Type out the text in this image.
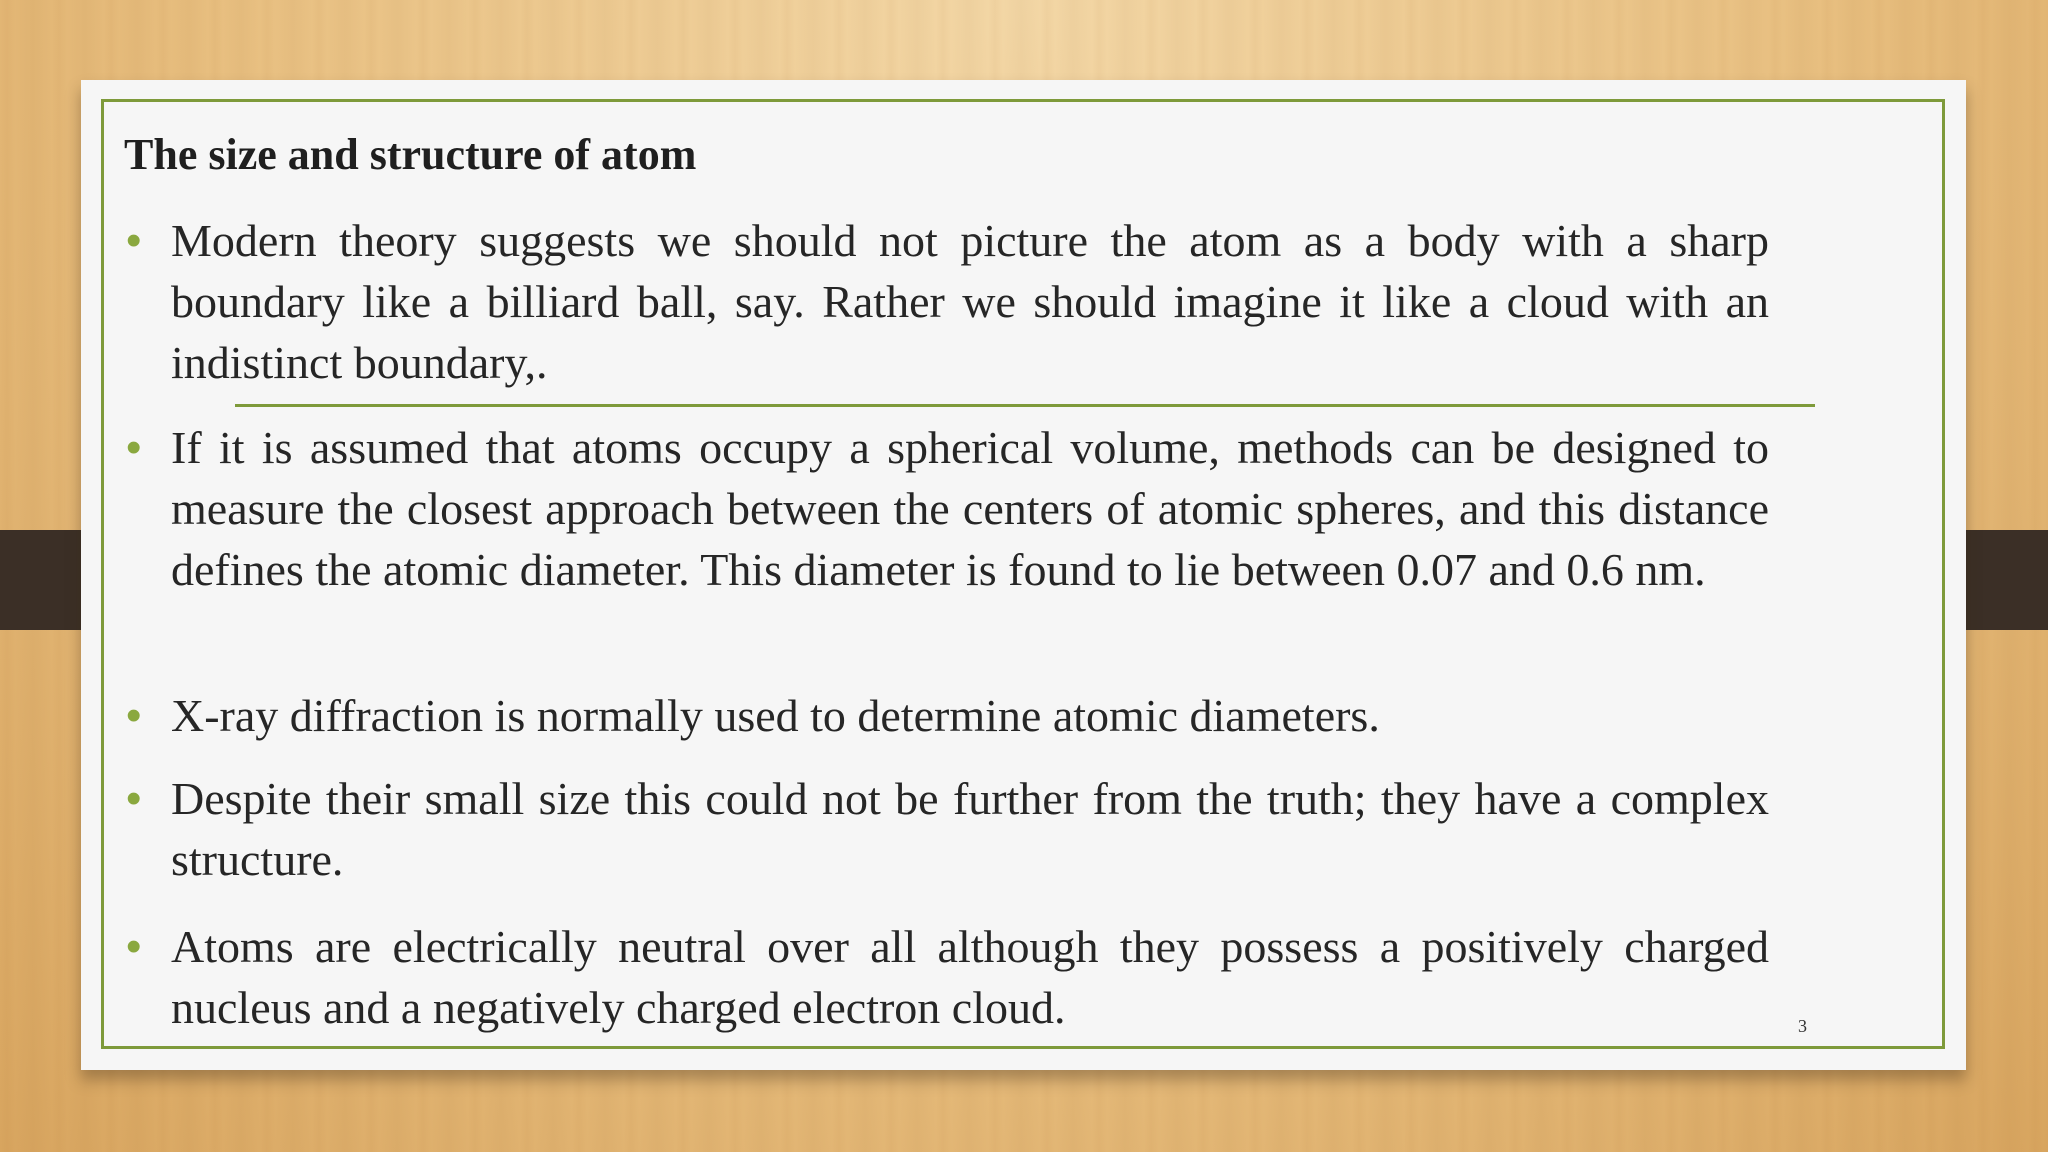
The size and structure of atom
• Modern theory suggests we should not picture the atom as a body with a sharp boundary like a billiard ball, say. Rather we should imagine it like a cloud with an indistinct boundary,.
• If it is assumed that atoms occupy a spherical volume, methods can be designed to measure the closest approach between the centers of atomic spheres, and this distance defines the atomic diameter. This diameter is found to lie between 0.07 and 0.6 nm.
• X-ray diffraction is normally used to determine atomic diameters.
• Despite their small size this could not be further from the truth; they have a complex structure.
• Atoms are electrically neutral over all although they possess a positively charged nucleus and a negatively charged electron cloud.	3
